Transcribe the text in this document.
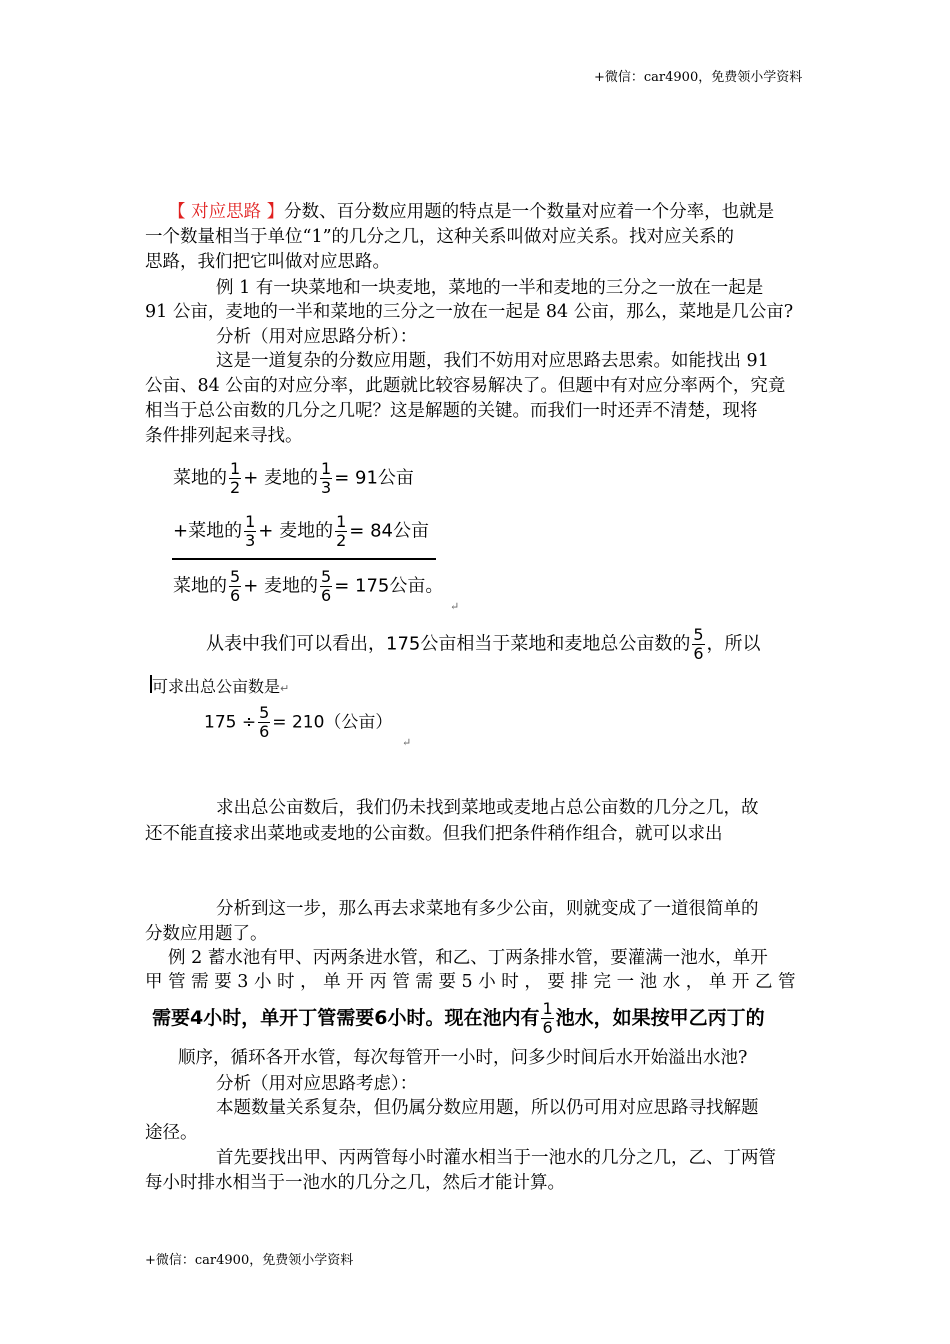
+微信：car4900，免费领小学资料
【 对应思路 】分数、百分数应用题的特点是一个数量对应着一个分率，也就是
一个数量相当于单位“1”的几分之几，这种关系叫做对应关系。找对应关系的
思路，我们把它叫做对应思路。
例 1 有一块菜地和一块麦地，菜地的一半和麦地的三分之一放在一起是
91 公亩，麦地的一半和菜地的三分之一放在一起是 84 公亩，那么，菜地是几公亩?
分析（用对应思路分析）：
这是一道复杂的分数应用题，我们不妨用对应思路去思索。如能找出 91
公亩、84 公亩的对应分率，此题就比较容易解决了。但题中有对应分率两个，究竟
相当于总公亩数的几分之几呢？这是解题的关键。而我们一时还弄不清楚，现将
条件排列起来寻找。
菜地的 $\frac{1}{2}$ + 麦地的 $\frac{1}{3} = 91$公亩
+菜地的 $\frac{1}{3}$ + 麦地的 $\frac{1}{2} = 84$公亩
菜地的 $\frac{5}{6}$ + 麦地的 $\frac{5}{6} = 175$公亩。
↵
从表中我们可以看出，175公亩相当于菜地和麦地总公亩数的 $\frac{5}{6}$ ，所以
可求出总公亩数是↵
$175 \div \frac{5}{6} = 210$（公亩）
↵
求出总公亩数后，我们仍未找到菜地或麦地占总公亩数的几分之几，故
还不能直接求出菜地或麦地的公亩数。但我们把条件稍作组合，就可以求出
分析到这一步，那么再去求菜地有多少公亩，则就变成了一道很简单的
分数应用题了。
例 2 蓄水池有甲、丙两条进水管，和乙、丁两条排水管，要灌满一池水，单开
甲 管 需 要 3 小 时 ， 单 开 丙 管 需 要 5 小 时 ， 要 排 完 一 池 水 ， 单 开 乙 管
需要4小时，单开丁管需要6小时。现在池内有 $\frac{1}{6}$ 池水，如果按甲乙丙丁的
顺序，循环各开水管，每次每管开一小时，问多少时间后水开始溢出水池?
分析（用对应思路考虑）：
本题数量关系复杂，但仍属分数应用题，所以仍可用对应思路寻找解题
途径。
首先要找出甲、丙两管每小时灌水相当于一池水的几分之几，乙、丁两管
每小时排水相当于一池水的几分之几，然后才能计算。
+微信：car4900，免费领小学资料
